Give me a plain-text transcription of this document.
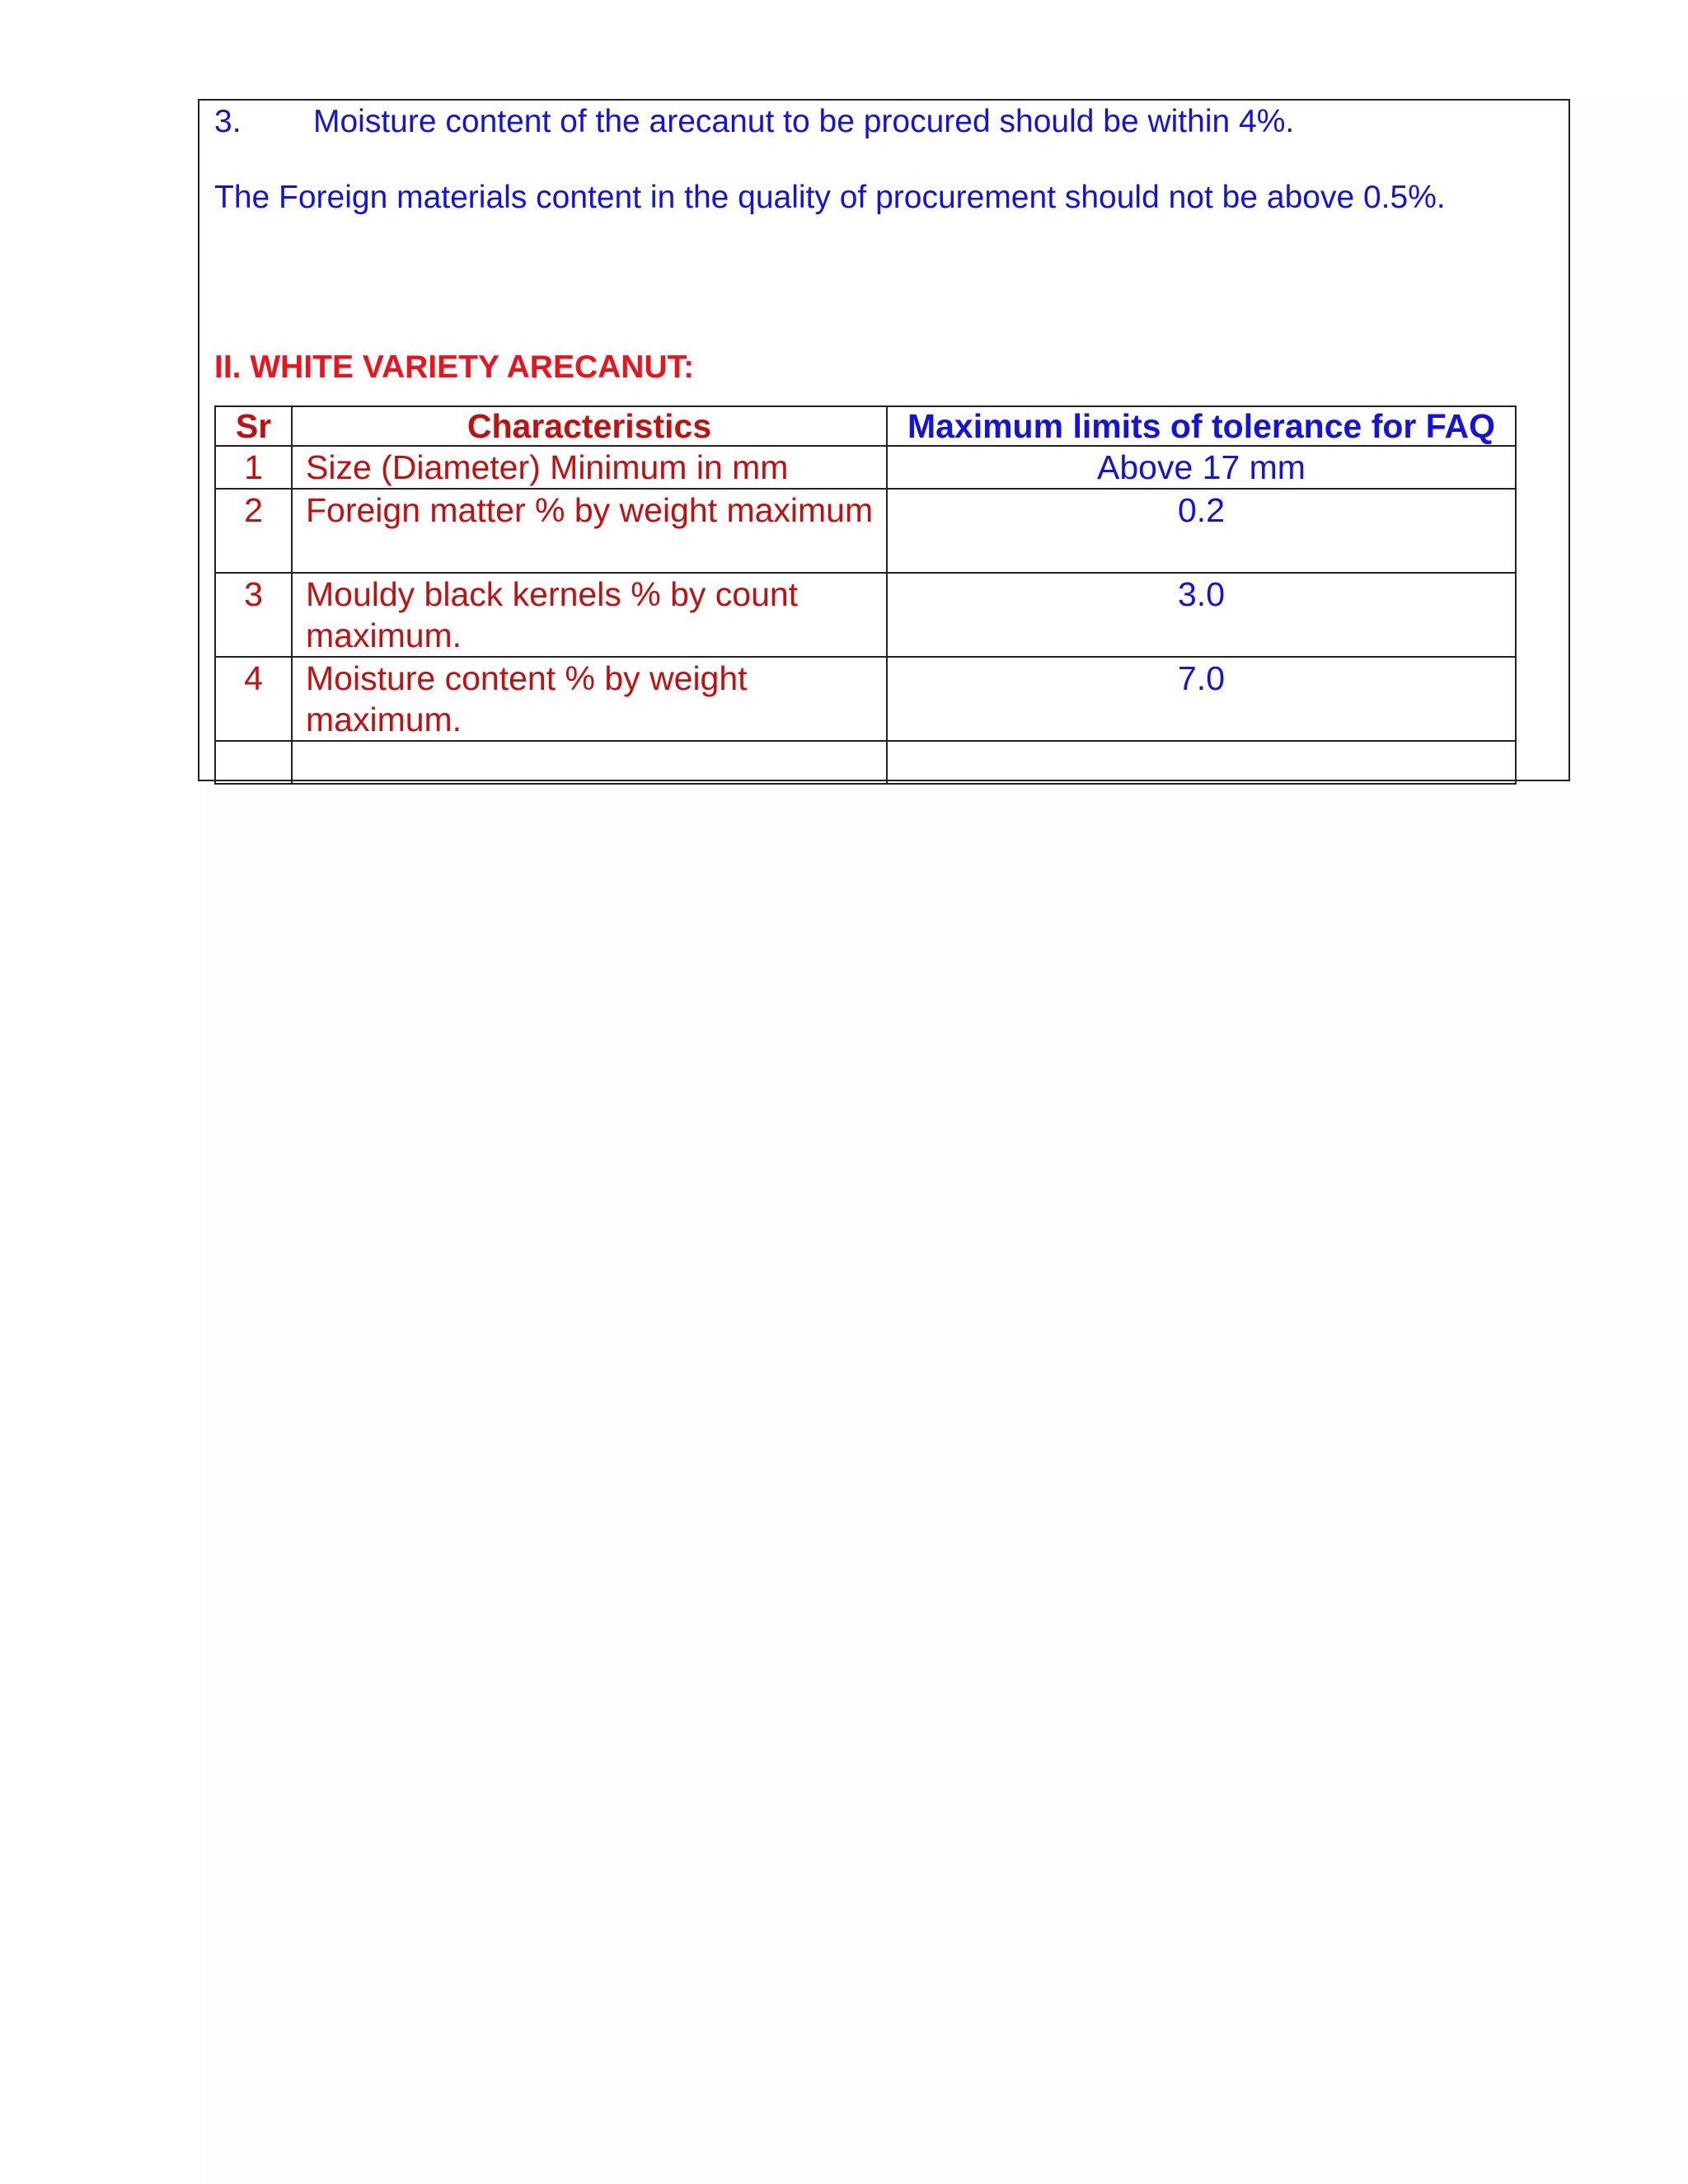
3. Moisture content of the arecanut to be procured should be within 4%.

The Foreign materials content in the quality of procurement should not be above 0.5%.

II. WHITE VARIETY ARECANUT:
Sr	Characteristics	Maximum limits of tolerance for FAQ
1	Size (Diameter) Minimum in mm	Above 17 mm
2	Foreign matter % by weight maximum	0.2
3	Mouldy black kernels % by count maximum.	3.0
4	Moisture content % by weight maximum.	7.0
